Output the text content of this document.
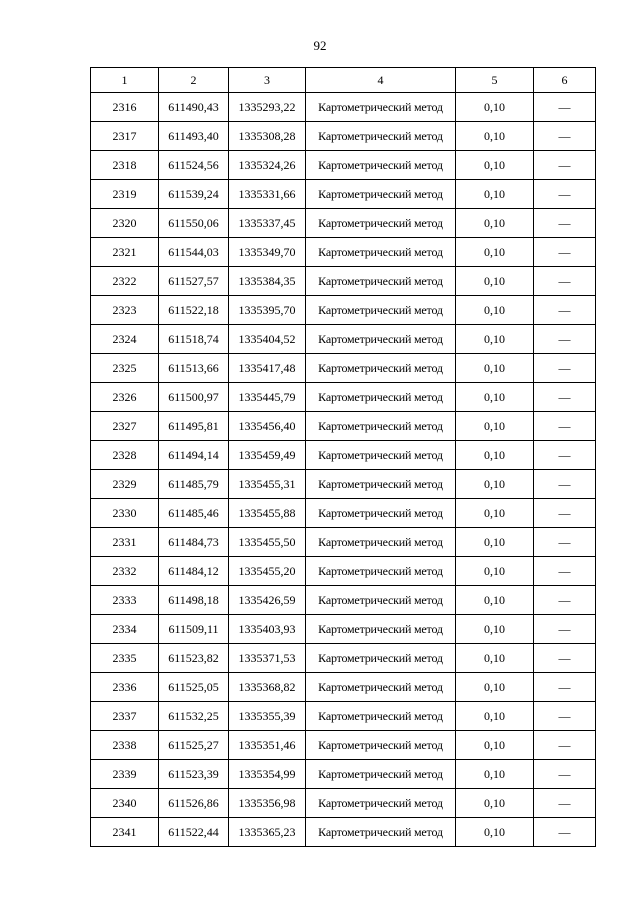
92
1	2	3	4	5	6
2316	611490,43	1335293,22	Картометрический метод	0,10	—
2317	611493,40	1335308,28	Картометрический метод	0,10	—
2318	611524,56	1335324,26	Картометрический метод	0,10	—
2319	611539,24	1335331,66	Картометрический метод	0,10	—
2320	611550,06	1335337,45	Картометрический метод	0,10	—
2321	611544,03	1335349,70	Картометрический метод	0,10	—
2322	611527,57	1335384,35	Картометрический метод	0,10	—
2323	611522,18	1335395,70	Картометрический метод	0,10	—
2324	611518,74	1335404,52	Картометрический метод	0,10	—
2325	611513,66	1335417,48	Картометрический метод	0,10	—
2326	611500,97	1335445,79	Картометрический метод	0,10	—
2327	611495,81	1335456,40	Картометрический метод	0,10	—
2328	611494,14	1335459,49	Картометрический метод	0,10	—
2329	611485,79	1335455,31	Картометрический метод	0,10	—
2330	611485,46	1335455,88	Картометрический метод	0,10	—
2331	611484,73	1335455,50	Картометрический метод	0,10	—
2332	611484,12	1335455,20	Картометрический метод	0,10	—
2333	611498,18	1335426,59	Картометрический метод	0,10	—
2334	611509,11	1335403,93	Картометрический метод	0,10	—
2335	611523,82	1335371,53	Картометрический метод	0,10	—
2336	611525,05	1335368,82	Картометрический метод	0,10	—
2337	611532,25	1335355,39	Картометрический метод	0,10	—
2338	611525,27	1335351,46	Картометрический метод	0,10	—
2339	611523,39	1335354,99	Картометрический метод	0,10	—
2340	611526,86	1335356,98	Картометрический метод	0,10	—
2341	611522,44	1335365,23	Картометрический метод	0,10	—
